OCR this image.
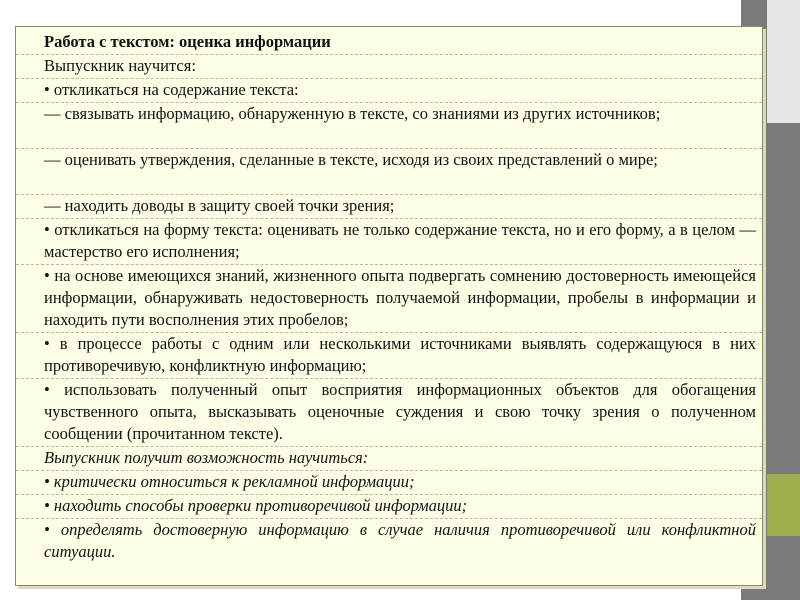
Работа с текстом: оценка информации
Выпускник научится:
• откликаться на содержание текста:
— связывать информацию, обнаруженную в тексте, со знаниями из других источников;
— оценивать утверждения, сделанные в тексте, исходя из своих представлений о мире;
— находить доводы в защиту своей точки зрения;
• откликаться на форму текста: оценивать не только содержание текста, но и его форму, а в целом — мастерство его исполнения;
• на основе имеющихся знаний, жизненного опыта подвергать сомнению достоверность имеющейся информации, обнаруживать недостоверность получаемой информации, пробелы в информации и находить пути восполнения этих пробелов;
• в процессе работы с одним или несколькими источниками выявлять содержащуюся в них противоречивую, конфликтную информацию;
• использовать полученный опыт восприятия информационных объектов для обогащения чувственного опыта, высказывать оценочные суждения и свою точку зрения о полученном сообщении (прочитанном тексте).
Выпускник получит возможность научиться:
• критически относиться к рекламной информации;
• находить способы проверки противоречивой информации;
• определять достоверную информацию в случае наличия противоречивой или конфликтной ситуации.
